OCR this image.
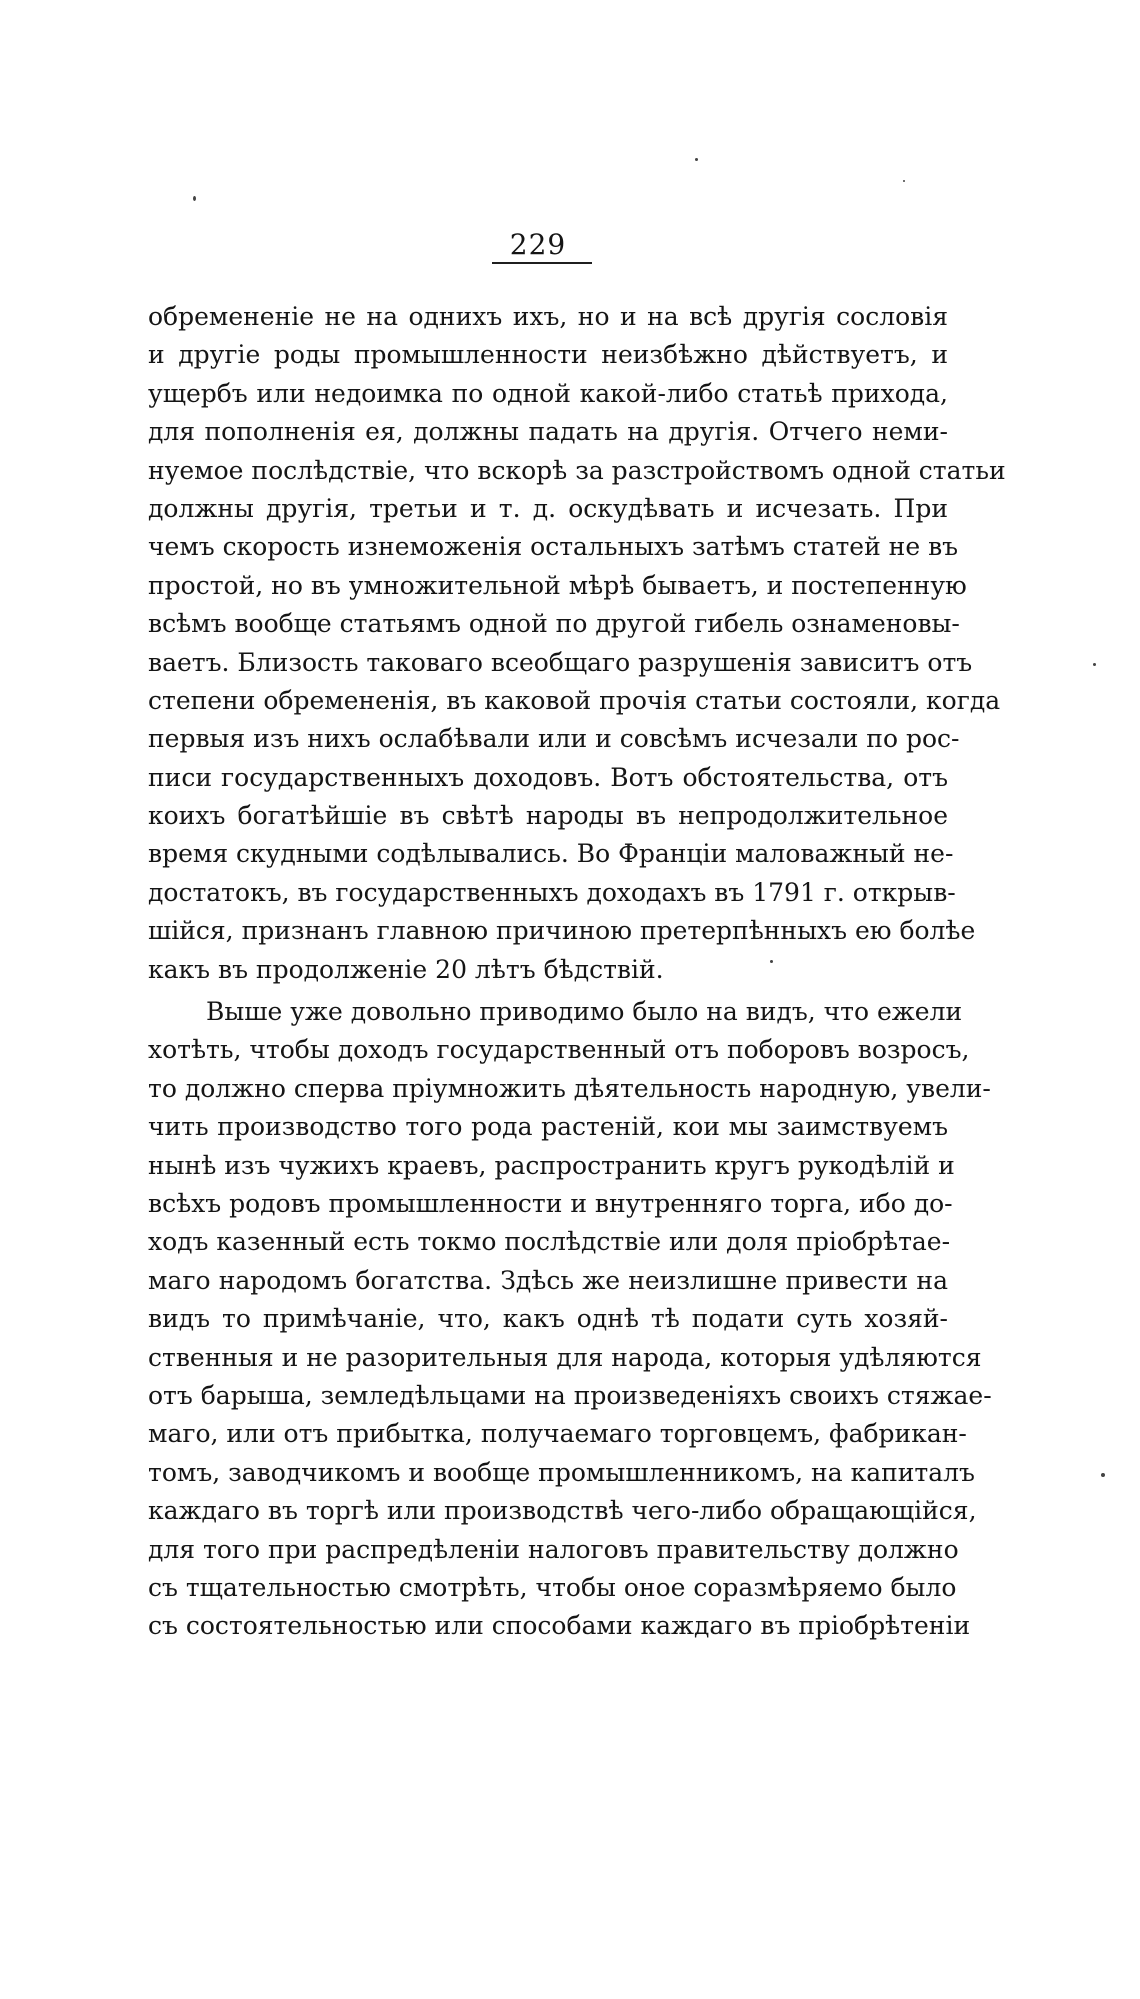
229
обремененіе не на одниxъ ихъ, но и на всѣ другія сословія
и другіе роды промышленности неизбѣжно дѣйствуетъ, и
ущербъ или недоимка по одной какой-либо статьѣ прихода,
для пополненія ея, должны падать на другія. Отчего неми-
нуемое послѣдствіе, что вскорѣ за разстройствомъ одной статьи
должны другія, третьи и т. д. оскудѣвать и исчезать. При
чемъ скорость изнеможенія остальныхъ затѣмъ статей не въ
простой, но въ умножительной мѣрѣ бываетъ, и постепенную
всѣмъ вообще статьямъ одной по другой гибель ознаменовы-
ваетъ. Близость таковаго всеобщаго разрушенія зависитъ отъ
степени обремененія, въ каковой прочія статьи состояли, когда
первыя изъ нихъ ослабѣвали или и совсѣмъ исчезали по рос-
писи государственныхъ доходовъ. Вотъ обстоятельства, отъ
коихъ богатѣйшіе въ свѣтѣ народы въ непродолжительное
время скудными содѣлывались. Во Франціи маловажный не-
достатокъ, въ государственныхъ доходахъ въ 1791 г. открыв-
шійся, признанъ главною причиною претерпѣнныхъ ею болѣе
какъ въ продолженіе 20 лѣтъ бѣдствій.
Выше уже довольно приводимо было на видъ, что ежели
хотѣть, чтобы доходъ государственный отъ поборовъ возросъ,
то должно сперва пріумножить дѣятельность народную, увели-
чить производство того рода растеній, кои мы заимствуемъ
нынѣ изъ чужихъ краевъ, распространить кругъ рукодѣлій и
всѣхъ родовъ промышленности и внутренняго торга, ибо до-
ходъ казенный есть токмо послѣдствіе или доля пріобрѣтае-
маго народомъ богатства. Здѣсь же неизлишне привести на
видъ то примѣчаніе, что, какъ однѣ тѣ подати суть хозяй-
ственныя и не разорительныя для народа, которыя удѣляются
отъ барыша, земледѣльцами на произведеніяхъ своихъ стяжае-
маго, или отъ прибытка, получаемаго торговцемъ, фабрикан-
томъ, заводчикомъ и вообще промышленникомъ, на капиталъ
каждаго въ торгѣ или производствѣ чего-либо обращающійся,
для того при распредѣленіи налоговъ правительству должно
съ тщательностью смотрѣть, чтобы оное соразмѣряемо было
съ состоятельностью или способами каждаго въ пріобрѣтеніи
